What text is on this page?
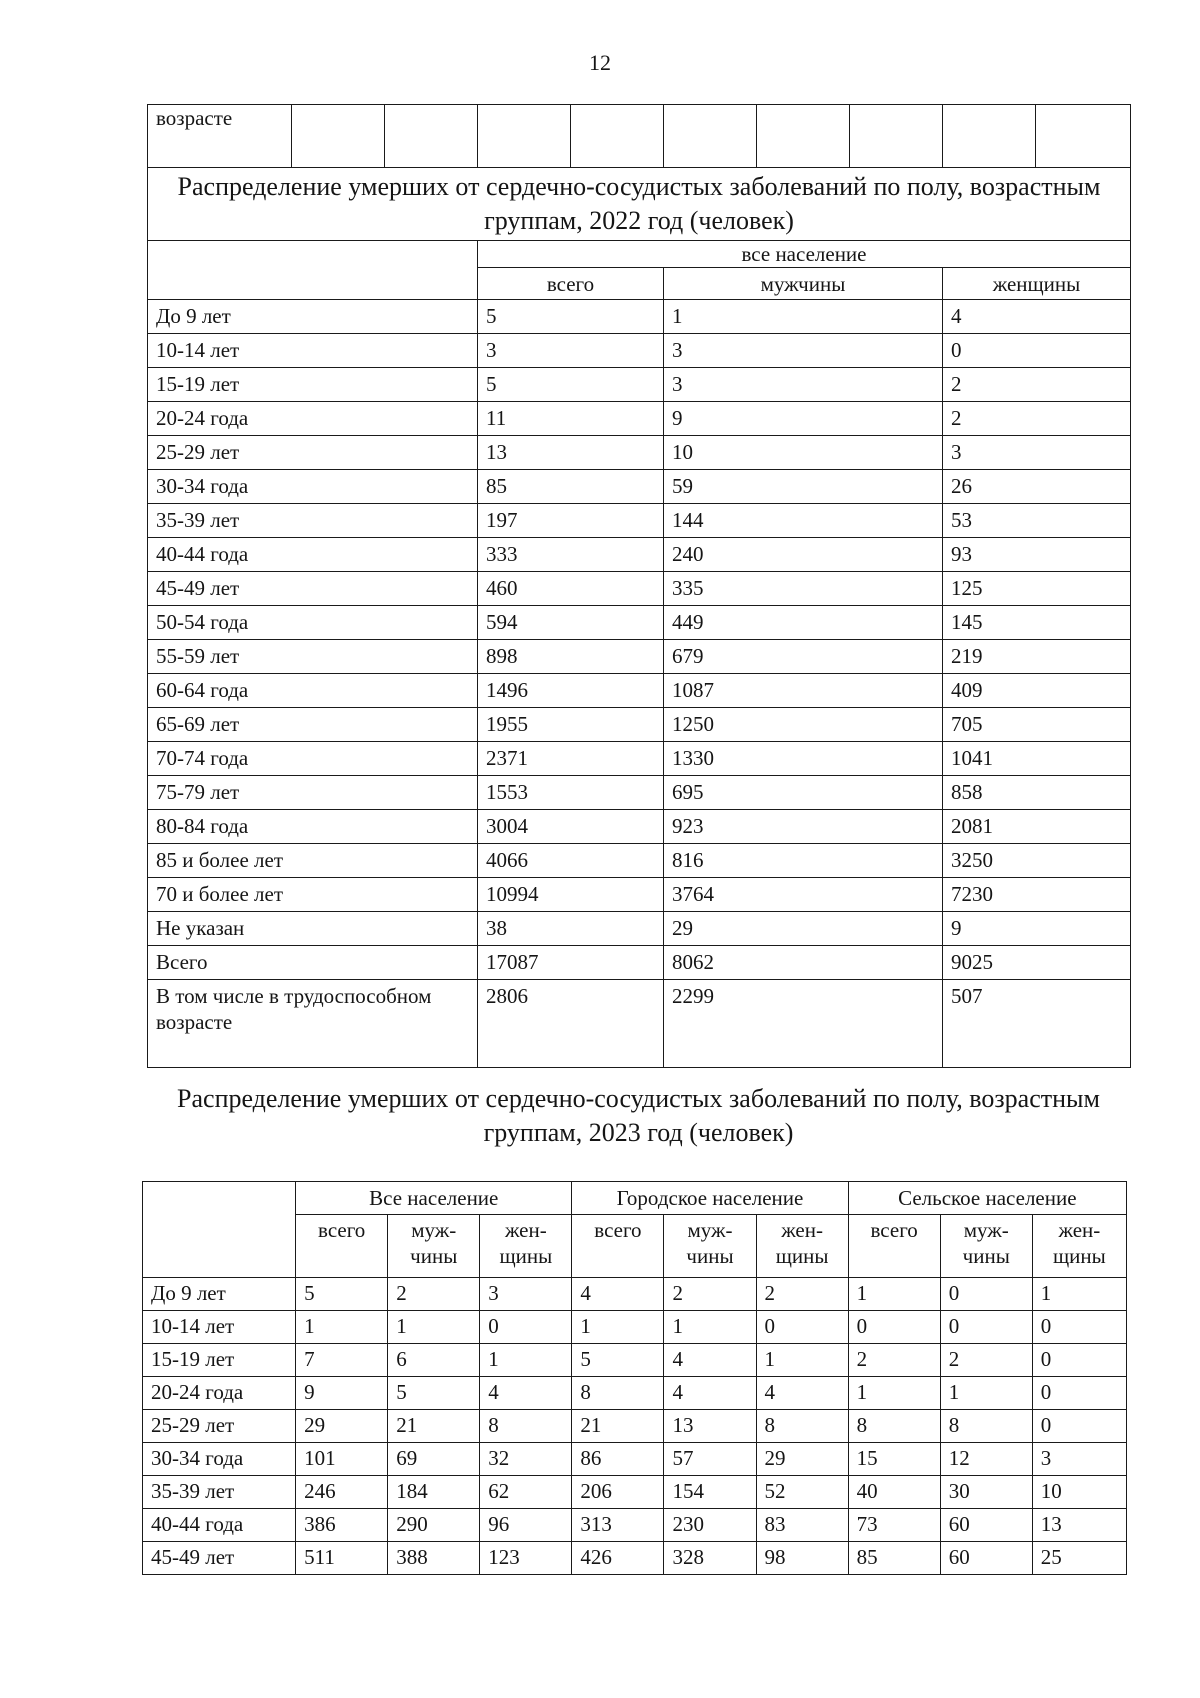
12
возрасте									
Распределение умерших от сердечно-сосудистых заболеваний по полу, возрастным группам, 2022 год (человек)									
			все население						
			всего		мужчины			женщины	
До 9 лет			5		1			4	
10-14 лет			3		3			0	
15-19 лет			5		3			2	
20-24 года			11		9			2	
25-29 лет			13		10			3	
30-34 года			85		59			26	
35-39 лет			197		144			53	
40-44 года			333		240			93	
45-49 лет			460		335			125	
50-54 года			594		449			145	
55-59 лет			898		679			219	
60-64 года			1496		1087			409	
65-69 лет			1955		1250			705	
70-74 года			2371		1330			1041	
75-79 лет			1553		695			858	
80-84 года			3004		923			2081	
85 и более лет			4066		816			3250	
70 и более лет			10994		3764			7230	
Не указан			38		29			9	
Всего			17087		8062			9025	
В том числе в трудоспособном возрасте			2806		2299			507	
Распределение умерших от сердечно-сосудистых заболеваний по полу, возрастным группам, 2023 год (человек)
	Все население			Городское население			Сельское население		
	всего	муж-чины	жен-щины	всего	муж-чины	жен-щины	всего	муж-чины	жен-щины
До 9 лет	5	2	3	4	2	2	1	0	1
10-14 лет	1	1	0	1	1	0	0	0	0
15-19 лет	7	6	1	5	4	1	2	2	0
20-24 года	9	5	4	8	4	4	1	1	0
25-29 лет	29	21	8	21	13	8	8	8	0
30-34 года	101	69	32	86	57	29	15	12	3
35-39 лет	246	184	62	206	154	52	40	30	10
40-44 года	386	290	96	313	230	83	73	60	13
45-49 лет	511	388	123	426	328	98	85	60	25
